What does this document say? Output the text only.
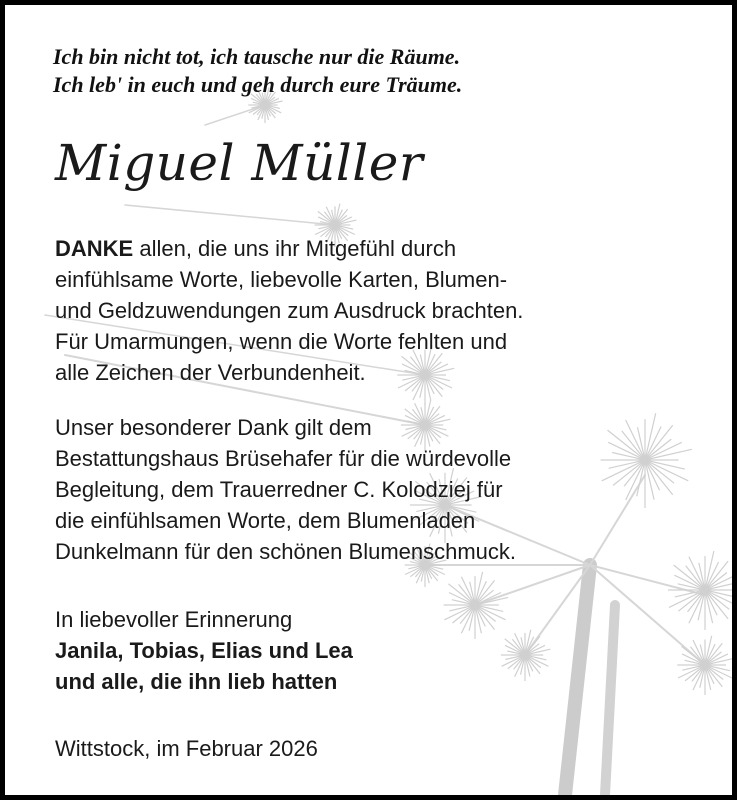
Ich bin nicht tot, ich tausche nur die Räume.
Ich leb' in euch und geh durch eure Träume.
Miguel Müller
DANKE allen, die uns ihr Mitgefühl durch
einfühlsame Worte, liebevolle Karten, Blumen-
und Geldzuwendungen zum Ausdruck brachten.
Für Umarmungen, wenn die Worte fehlten und
alle Zeichen der Verbundenheit.
Unser besonderer Dank gilt dem
Bestattungshaus Brüsehafer für die würdevolle
Begleitung, dem Trauerredner C. Kolodziej für
die einfühlsamen Worte, dem Blumenladen
Dunkelmann für den schönen Blumenschmuck.
In liebevoller Erinnerung
Janila, Tobias, Elias und Lea
und alle, die ihn lieb hatten
Wittstock, im Februar 2026
